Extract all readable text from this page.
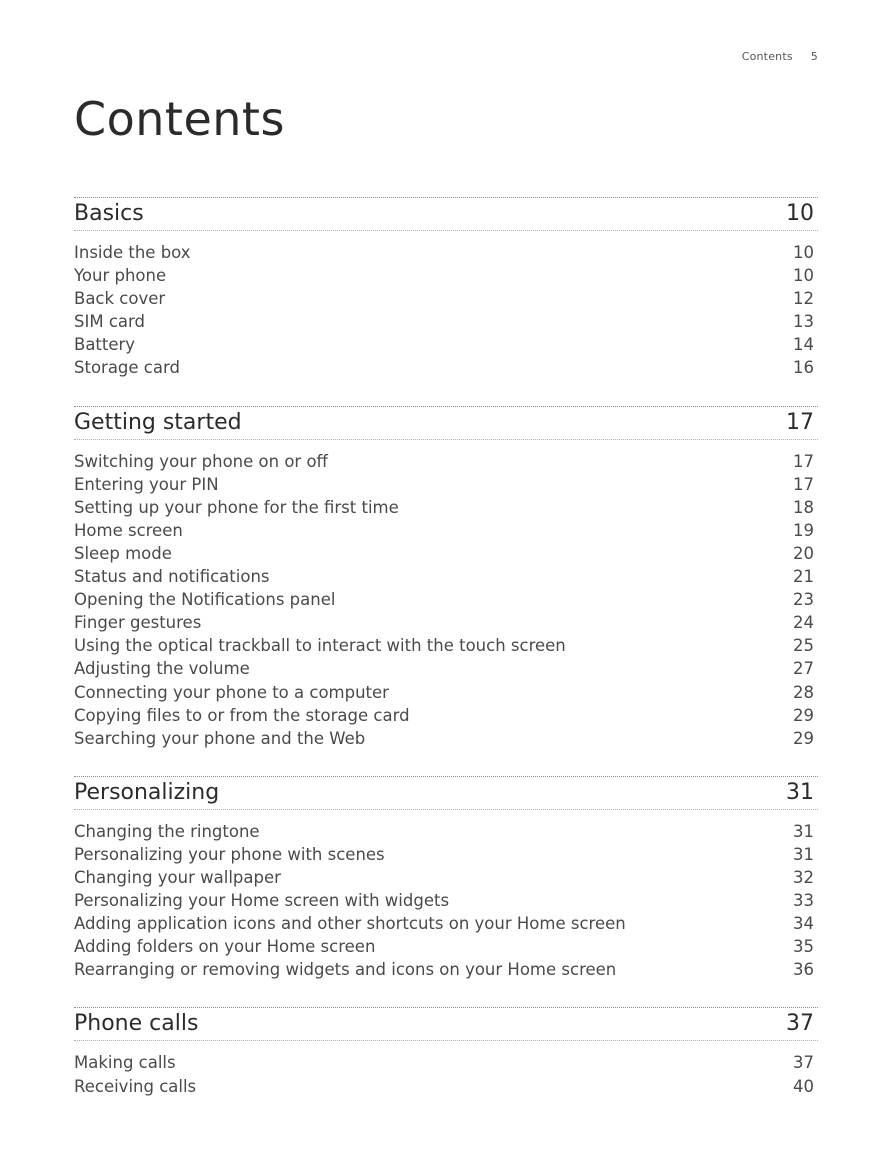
Contents 5
Contents
Basics	10
Inside the box	10
Your phone	10
Back cover	12
SIM card	13
Battery	14
Storage card	16
Getting started	17
Switching your phone on or off	17
Entering your PIN	17
Setting up your phone for the first time	18
Home screen	19
Sleep mode	20
Status and notifications	21
Opening the Notifications panel	23
Finger gestures	24
Using the optical trackball to interact with the touch screen	25
Adjusting the volume	27
Connecting your phone to a computer	28
Copying files to or from the storage card	29
Searching your phone and the Web	29
Personalizing	31
Changing the ringtone	31
Personalizing your phone with scenes	31
Changing your wallpaper	32
Personalizing your Home screen with widgets	33
Adding application icons and other shortcuts on your Home screen	34
Adding folders on your Home screen	35
Rearranging or removing widgets and icons on your Home screen	36
Phone calls	37
Making calls	37
Receiving calls	40
